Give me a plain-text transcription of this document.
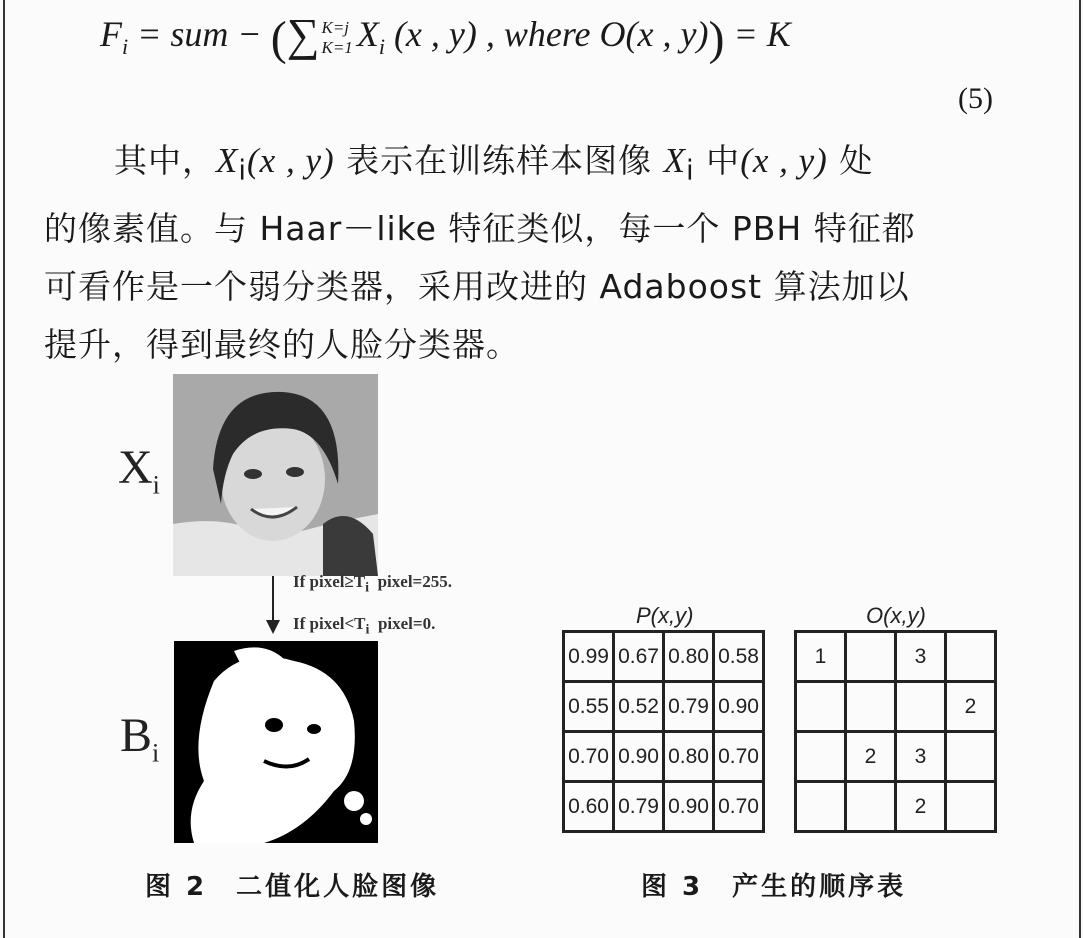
$F_i$ = sum − (∑ K=j
K=1 $X_i$ (x , y) , where O(x , y)) = K
(5)

其中，$X_i(x$ , y) 表示在训练样本图像 $X_i$ 中(x , y) 处

的像素值。与 Haar－like 特征类似，每一个 PBH 特征都

可看作是一个弱分类器，采用改进的 Adaboost 算法加以

提升，得到最终的人脸分类器。

$X_i$
If $pixel\ge T_i$ pixel=255.
If $pixel<T_i$ pixel=0.
$B_i$
图 2　二值化人脸图像
P(x,y)
0.99	0.67	0.80	0.58
0.55	0.52	0.79	0.90
0.70	0.90	0.80	0.70
0.60	0.79	0.90	0.70
O(x,y)
1		3	
			2
	2	3	
		2	
图 3　产生的顺序表
